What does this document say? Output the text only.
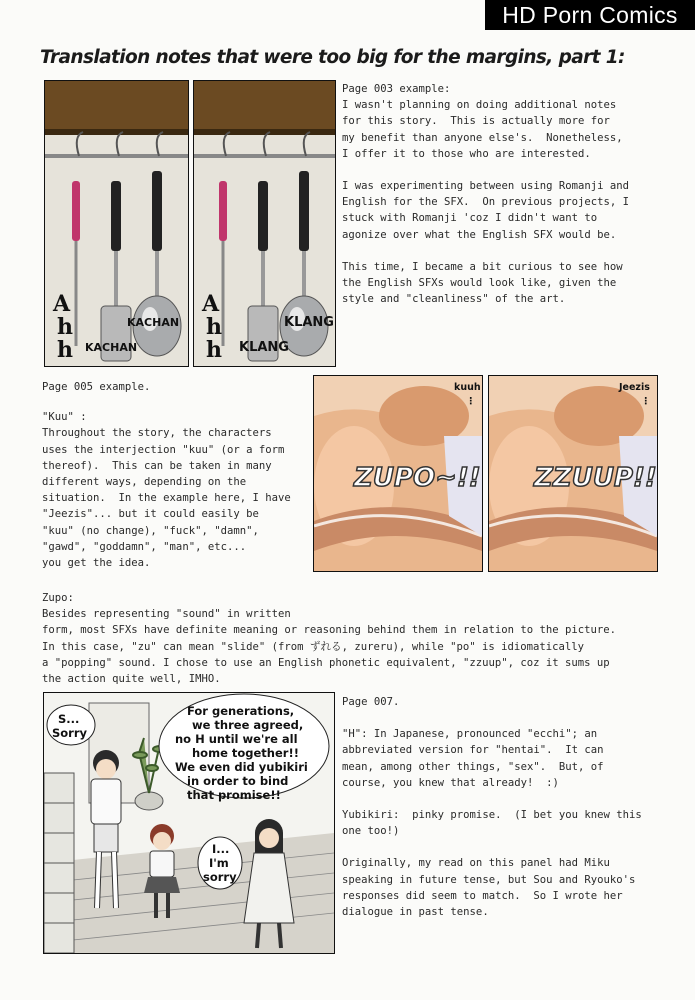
HD Porn Comics
Translation notes that were too big for the margins, part 1:
A
h
h
KACHAN
KACHAN
A
h
h
KLANG
KLANG

Page 003 example:

I wasn't planning on doing additional notes
for this story.  This is actually more for
my benefit than anyone else's.  Nonetheless,
I offer it to those who are interested.

I was experimenting between using Romanji and
English for the SFX.  On previous projects, I
stuck with Romanji 'coz I didn't want to
agonize over what the English SFX would be.

This time, I became a bit curious to see how
the English SFXs would look like, given the
style and "cleanliness" of the art.

Page 005 example.

"Kuu" :

Throughout the story, the characters
uses the interjection "kuu" (or a form
thereof).  This can be taken in many
different ways, depending on the
situation.  In the example here, I have
"Jeezis"... but it could easily be
"kuu" (no change), "fuck", "damn",
"gawd", "goddamn", "man", etc...
you get the idea.

kuuh
⋮
ZUPO~!!
Jeezis
⋮
ZZUUP!!

Zupo:

Besides representing "sound" in written
form, most SFXs have definite meaning or reasoning behind them in relation to the picture.
In this case, "zu" can mean "slide" (from ずれる, zureru), while "po" is idiomatically
a "popping" sound. I chose to use an English phonetic equivalent, "zzuup", coz it sums up
the action quite well, IMHO.

S...
Sorry
For generations,
we three agreed,
no H until we're all
home together!!
We even did yubikiri
in order to bind
that promise!!
I...
I'm
sorry

Page 007.

"H": In Japanese, pronounced "ecchi"; an
abbreviated version for "hentai".  It can
mean, among other things, "sex".  But, of
course, you knew that already!  :)

Yubikiri:  pinky promise.  (I bet you knew this
one too!)

Originally, my read on this panel had Miku
speaking in future tense, but Sou and Ryouko's
responses did seem to match.  So I wrote her
dialogue in past tense.
